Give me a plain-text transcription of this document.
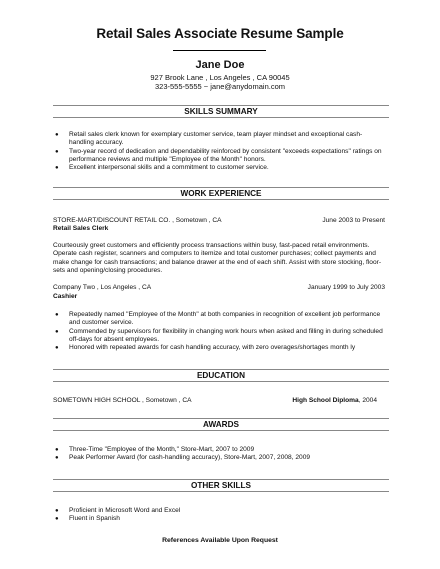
Retail Sales Associate Resume Sample
Jane Doe
927 Brook Lane , Los Angeles , CA 90045
323-555-5555 ~ jane@anydomain.com
SKILLS SUMMARY
●	Retail sales clerk known for exemplary customer service, team player mindset and exceptional cash-handling accuracy.
●	Two-year record of dedication and dependability reinforced by consistent "exceeds expectations" ratings on performance reviews and multiple "Employee of the Month" honors.
●	Excellent interpersonal skills and a commitment to customer service.
WORK EXPERIENCE
STORE-MART/DISCOUNT RETAIL CO. , Sometown , CA	June 2003 to Present
Retail Sales Clerk
Courteously greet customers and efficiently process transactions within busy, fast-paced retail environments. Operate cash register, scanners and computers to itemize and total customer purchases; collect payments and make change for cash transactions; and balance drawer at the end of each shift. Assist with store stocking, floor-sets and opening/closing procedures.
Company Two , Los Angeles , CA	January 1999 to July 2003
Cashier
●	Repeatedly named "Employee of the Month" at both companies in recognition of excellent job performance and customer service.
●	Commended by supervisors for flexibility in changing work hours when asked and filling in during scheduled off-days for absent employees.
●	Honored with repeated awards for cash handling accuracy, with zero overages/shortages month ly
EDUCATION
SOMETOWN HIGH SCHOOL , Sometown , CA	High School Diploma, 2004
AWARDS
●	Three-Time "Employee of the Month," Store-Mart, 2007 to 2009
●	Peak Performer Award (for cash-handling accuracy), Store-Mart, 2007, 2008, 2009
OTHER SKILLS
●	Proficient in Microsoft Word and Excel
●	Fluent in Spanish
References Available Upon Request
